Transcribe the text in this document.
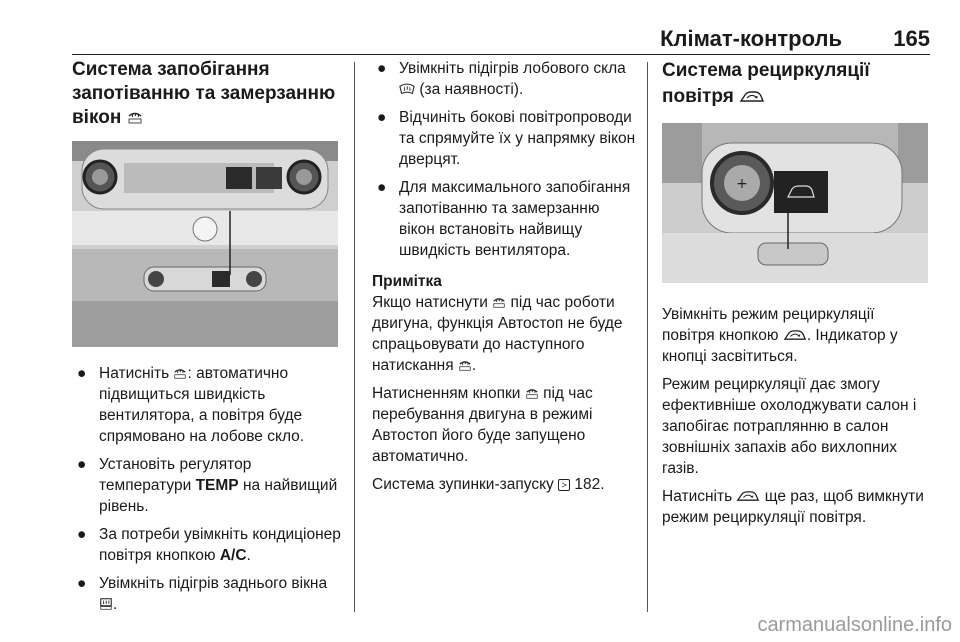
Клімат-контроль	165
Система запобігання
запотіванню та замерзанню
вікон
● Натисніть : автоматично підвищиться швидкість вентилятора, а повітря буде спрямовано на лобове скло.
● Установіть регулятор температури TEMP на найвищий рівень.
● За потреби увімкніть кондиціонер повітря кнопкою A/C.
● Увімкніть підігрів заднього вікна .
● Увімкніть підігрів лобового скла  (за наявності).
● Відчиніть бокові повітропроводи та спрямуйте їх у напрямку вікон дверцят.
● Для максимального запобігання запотіванню та замерзанню вікон встановіть найвищу швидкість вентилятора.
Примітка

Якщо натиснути під час роботи двигуна, функція Автостоп не буде спрацьовувати до наступного натискання .

Натисненням кнопки під час перебування двигуна в режимі Автостоп його буде запущено автоматично.

Система зупинки-запуску > 182.

Система рециркуляції
повітря
+

Увімкніть режим рециркуляції повітря кнопкою . Індикатор у кнопці засвітиться.

Режим рециркуляції дає змогу ефективніше охолоджувати салон і запобігає потраплянню в салон зовнішніх запахів або вихлопних газів.

Натисніть ще раз, щоб вимкнути режим рециркуляції повітря.

carmanualsonline.info
